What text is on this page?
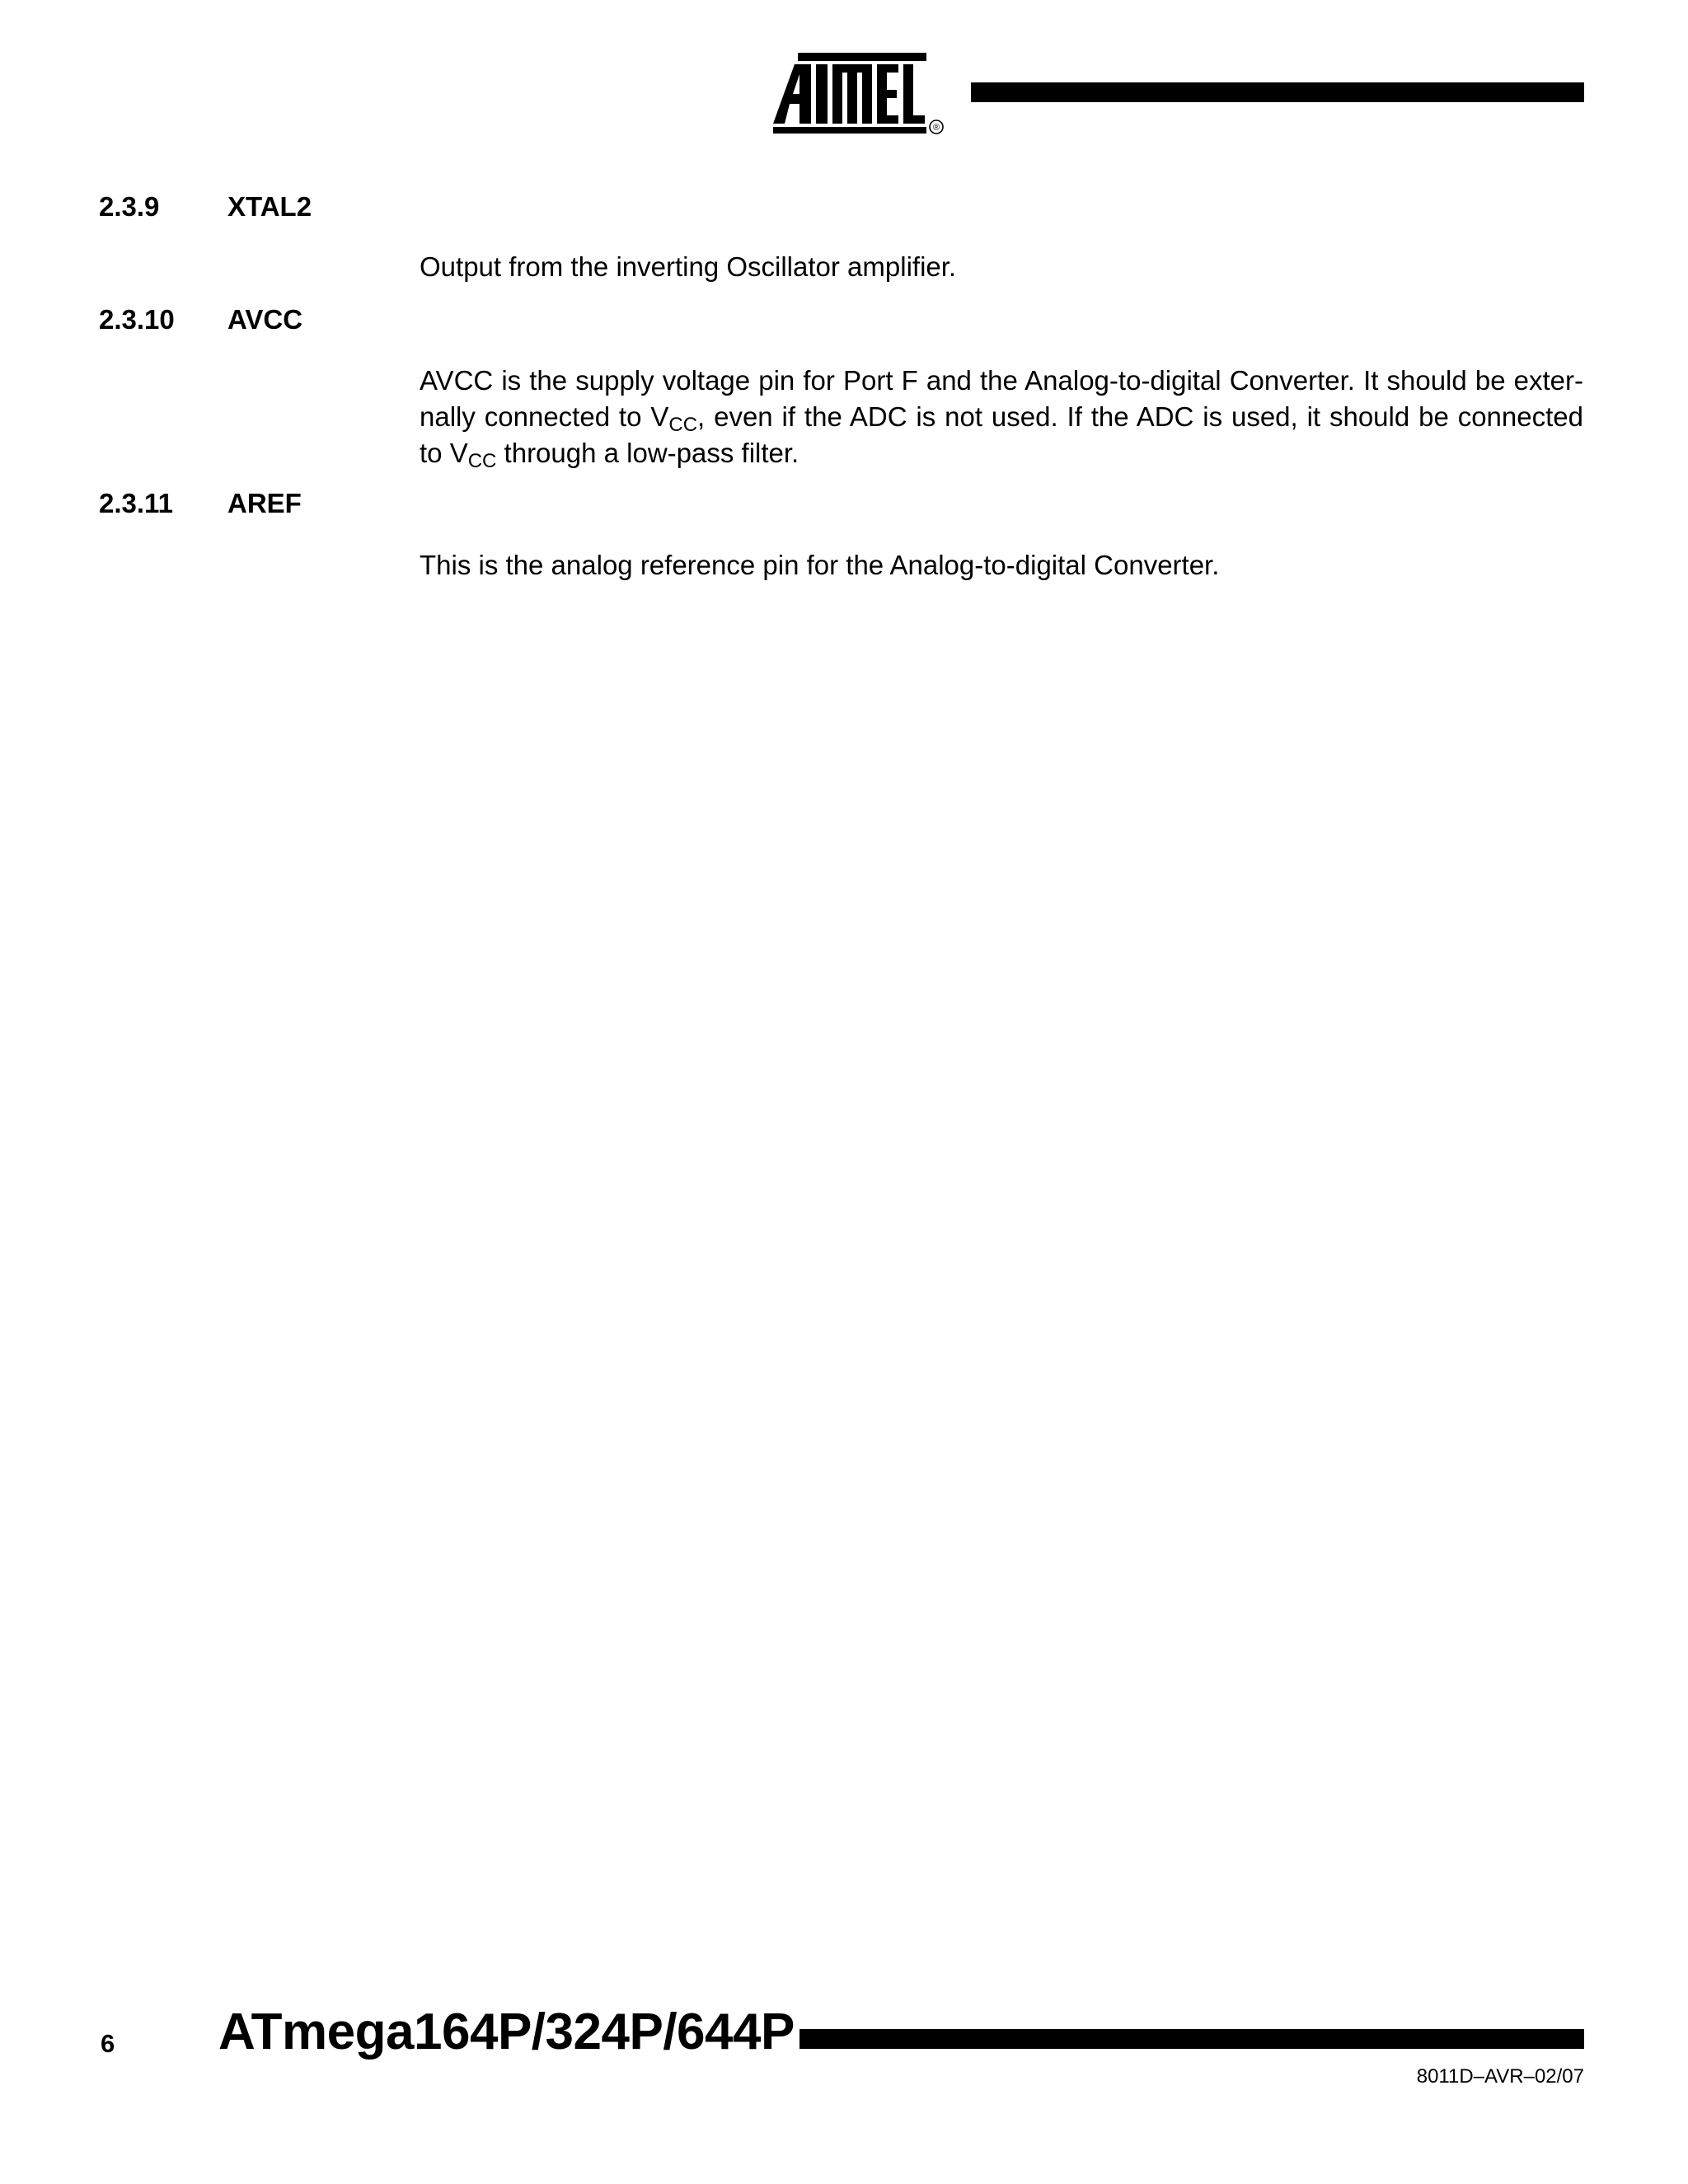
®
2.3.9	XTAL2
Output from the inverting Oscillator amplifier.
2.3.10 AVCC
AVCC is the supply voltage pin for Port F and the Analog-to-digital Converter. It should be exter-
nally connected to $V_{CC}$, even if the ADC is not used. If the ADC is used, it should be connected
to $V_{CC}$ through a low-pass filter.
2.3.11 AREF
This is the analog reference pin for the Analog-to-digital Converter.
6 ATmega164P/324P/644P
8011D–AVR–02/07
